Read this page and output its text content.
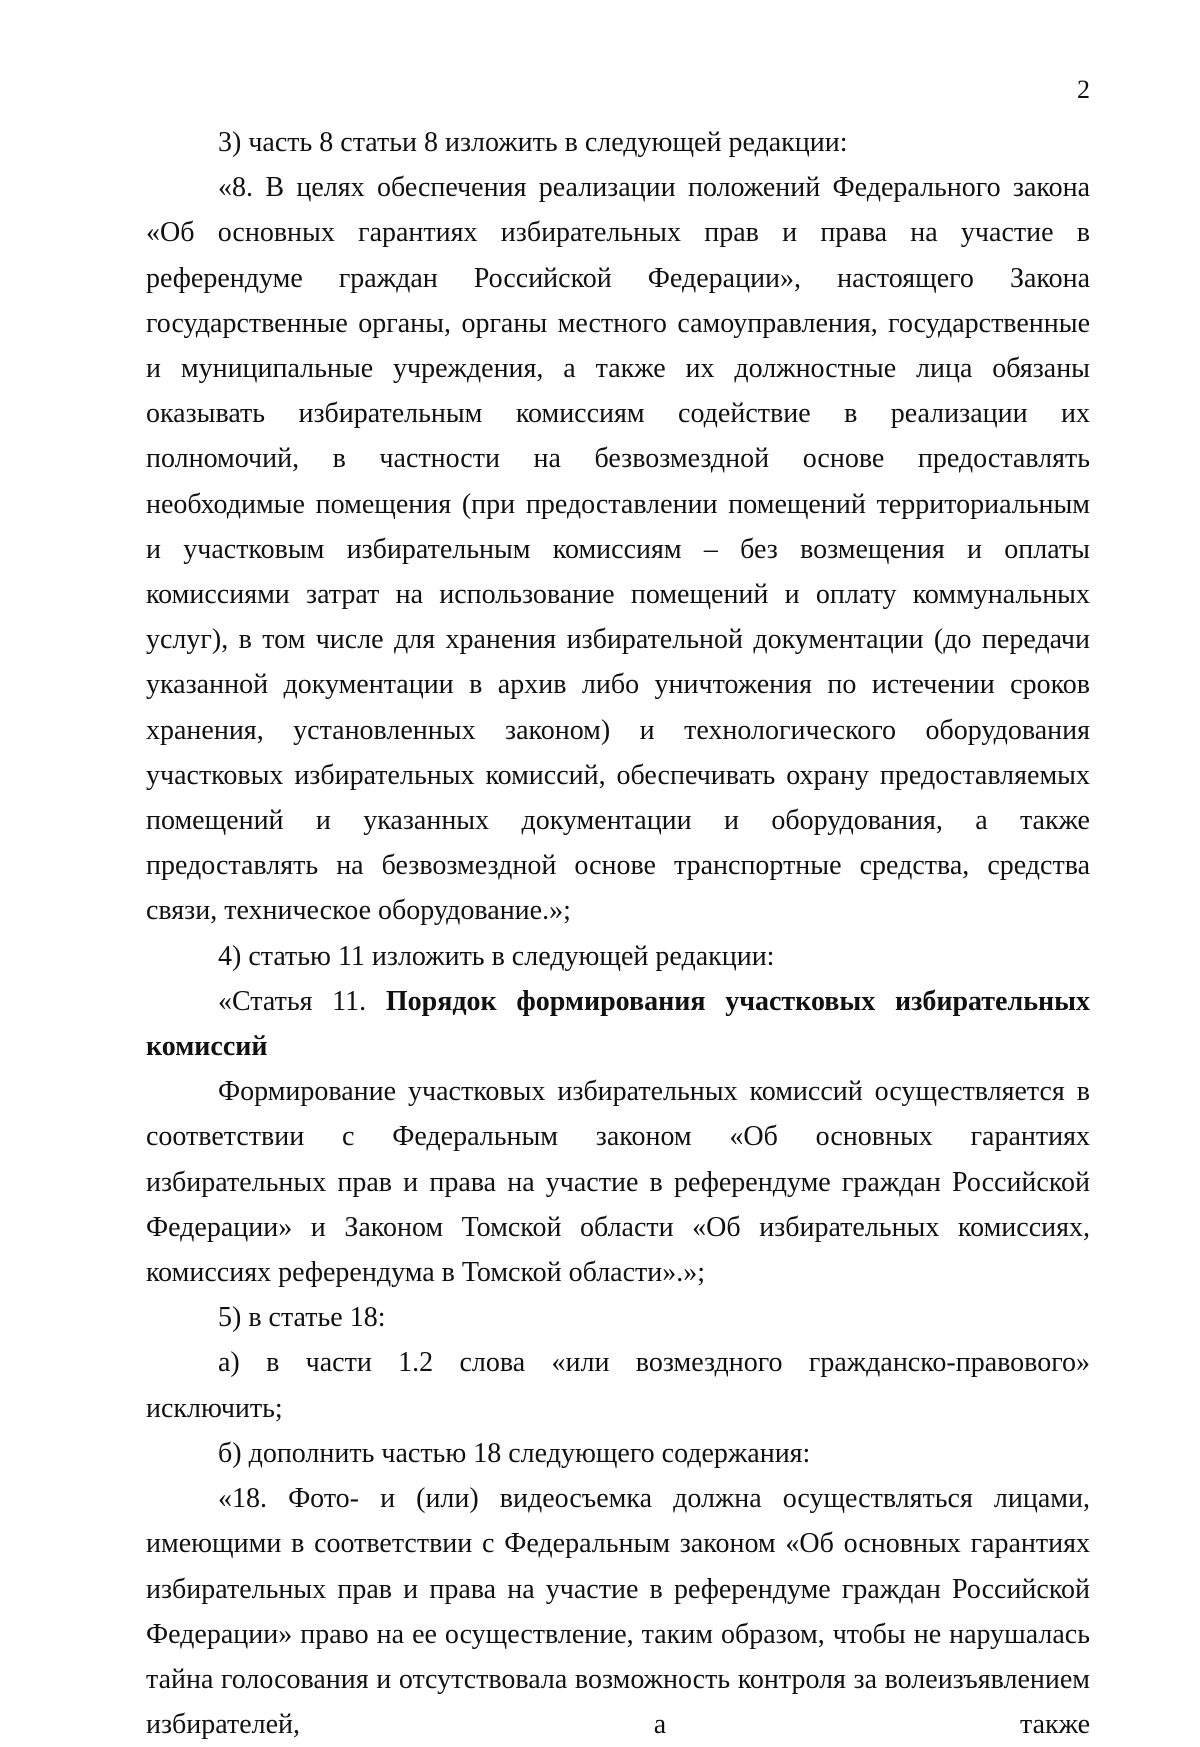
2

3) часть 8 статьи 8 изложить в следующей редакции:

«8. В целях обеспечения реализации положений Федерального закона «Об основных гарантиях избирательных прав и права на участие в референдуме граждан Российской Федерации», настоящего Закона государственные органы, органы местного самоуправления, государственные и муниципальные учреждения, а также их должностные лица обязаны оказывать избирательным комиссиям содействие в реализации их полномочий, в частности на безвозмездной основе предоставлять необходимые помещения (при предоставлении помещений территориальным и участковым избирательным комиссиям – без возмещения и оплаты комиссиями затрат на использование помещений и оплату коммунальных услуг), в том числе для хранения избирательной документации (до передачи указанной документации в архив либо уничтожения по истечении сроков хранения, установленных законом) и технологического оборудования участковых избирательных комиссий, обеспечивать охрану предоставляемых помещений и указанных документации и оборудования, а также предоставлять на безвозмездной основе транспортные средства, средства связи, техническое оборудование.»;

4) статью 11 изложить в следующей редакции:

«Статья 11. Порядок формирования участковых избирательных комиссий

Формирование участковых избирательных комиссий осуществляется в соответствии с Федеральным законом «Об основных гарантиях избирательных прав и права на участие в референдуме граждан Российской Федерации» и Законом Томской области «Об избирательных комиссиях, комиссиях референдума в Томской области».»;

5) в статье 18:

а) в части 1.2 слова «или возмездного гражданско-правового» исключить;

б) дополнить частью 18 следующего содержания:

«18. Фото- и (или) видеосъемка должна осуществляться лицами, имеющими в соответствии с Федеральным законом «Об основных гарантиях избирательных прав и права на участие в референдуме граждан Российской Федерации» право на ее осуществление, таким образом, чтобы не нарушалась тайна голосования и отсутствовала возможность контроля за волеизъявлением избирателей, а также
